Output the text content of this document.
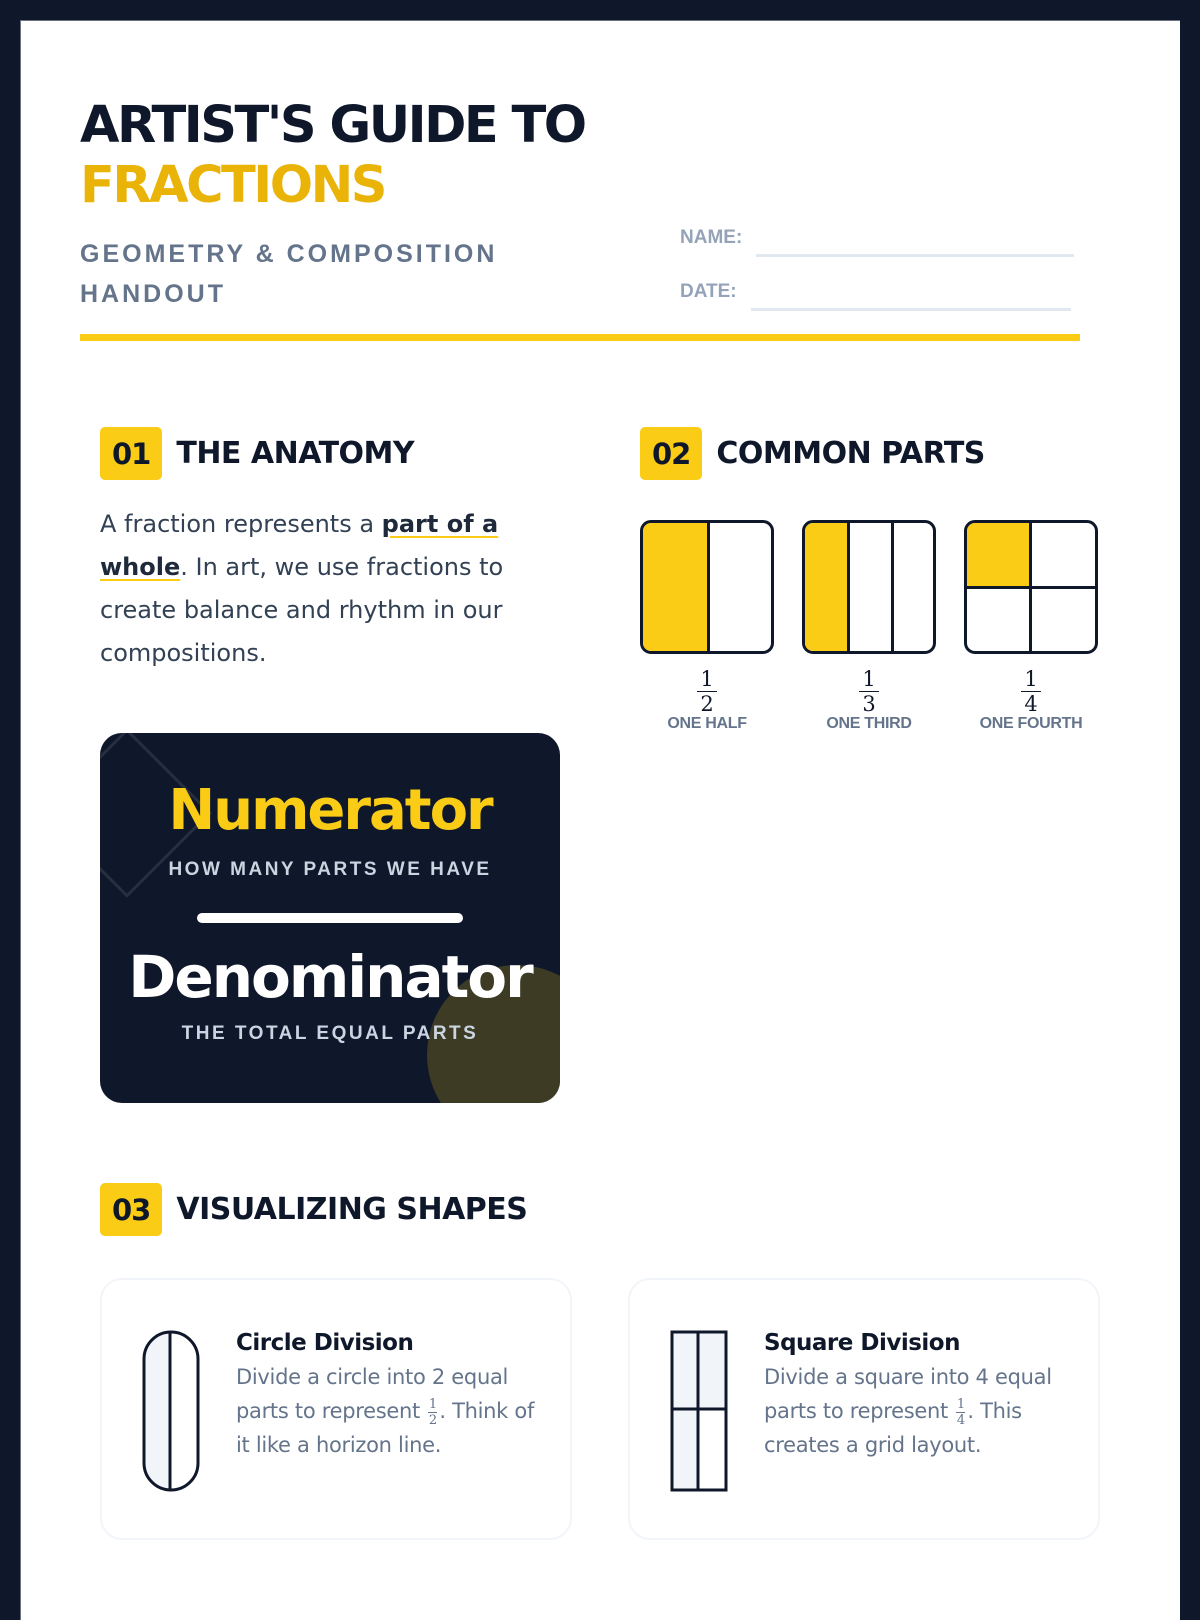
ARTIST'S GUIDE TO
FRACTIONS
GEOMETRY & COMPOSITION HANDOUT
NAME:
DATE:
01 THE ANATOMY

A fraction represents a part of a whole. In art, we use fractions to create balance and rhythm in our compositions.

Numerator
HOW MANY PARTS WE HAVE
Denominator
THE TOTAL EQUAL PARTS
02 COMMON PARTS
$\frac{1}{2}$
ONE HALF
$\frac{1}{3}$
ONE THIRD
$\frac{1}{4}$
ONE FOURTH
03 VISUALIZING SHAPES
Circle Division
Divide a circle into 2 equal parts to represent $\frac{1}{2}$ . Think of it like a horizon line.
Square Division
Divide a square into 4 equal parts to represent $\frac{1}{4}$ . This creates a grid layout.
